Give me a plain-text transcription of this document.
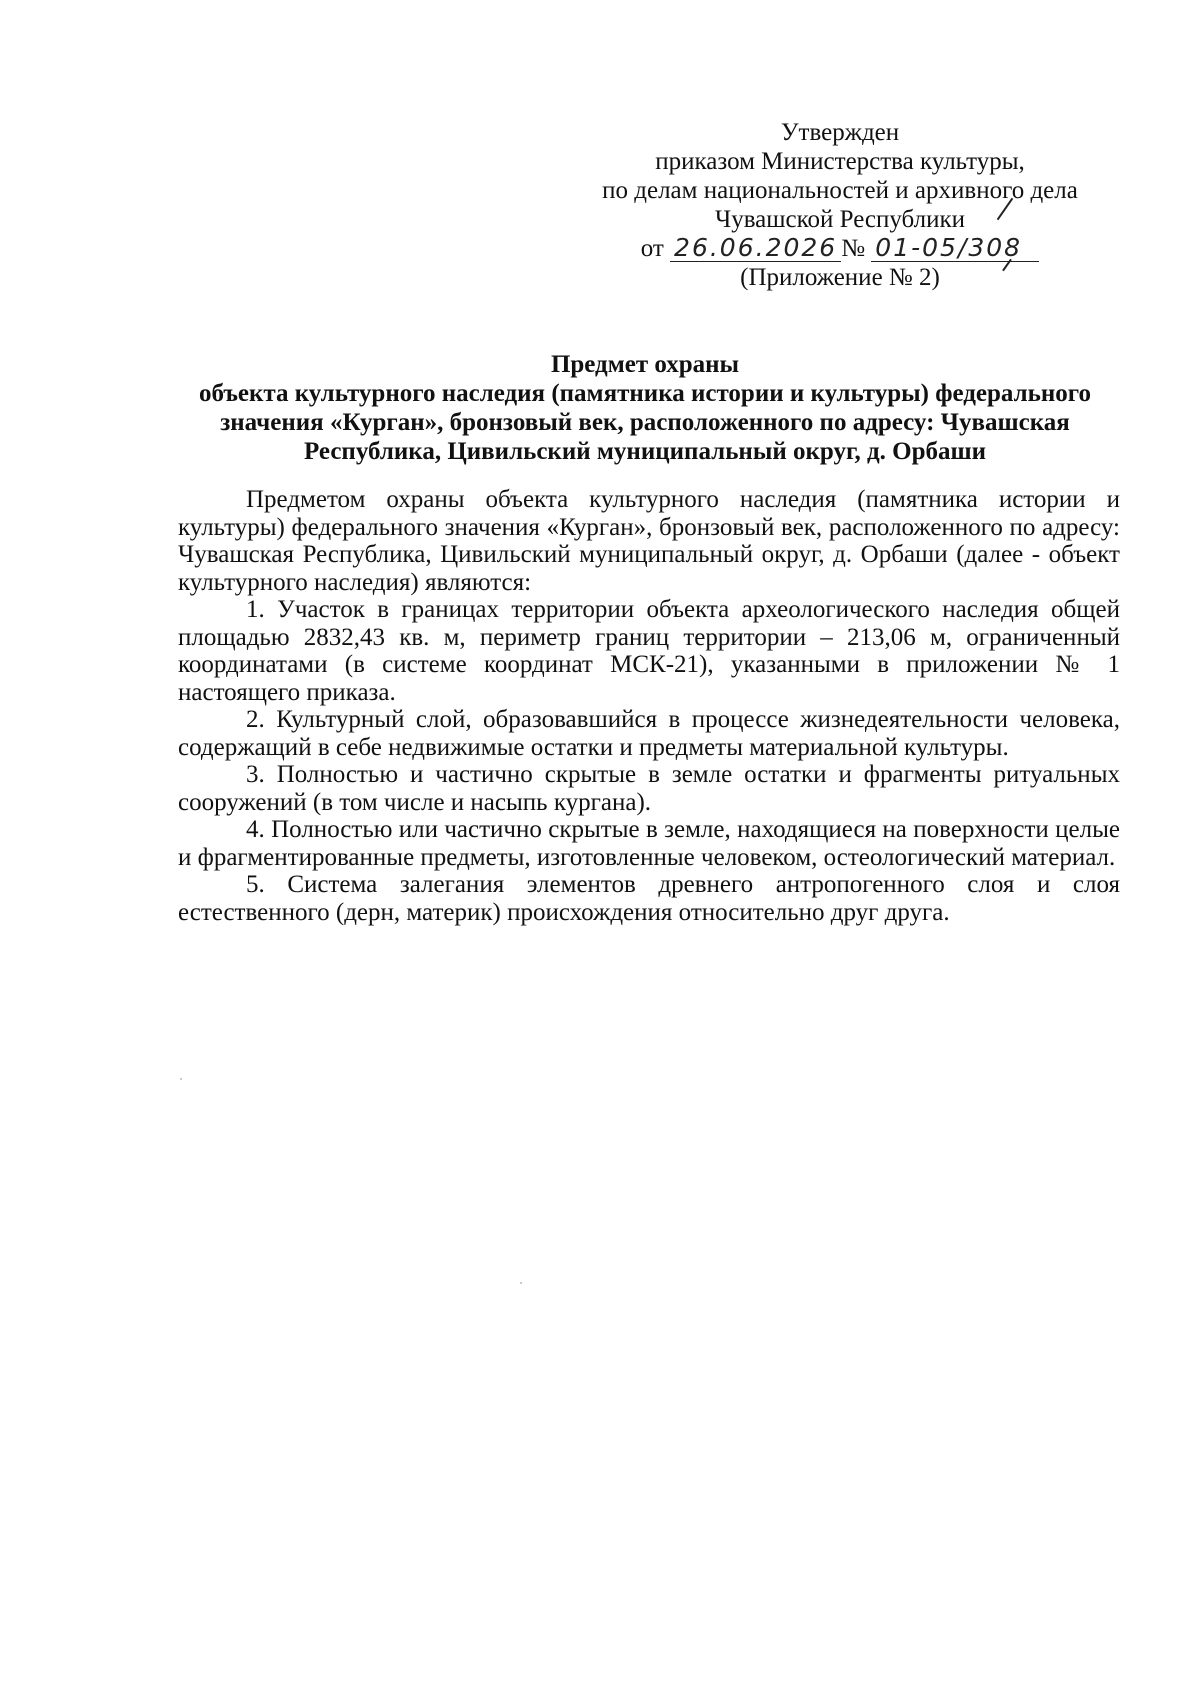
Утвержден
приказом Министерства культуры,
по делам национальностей и архивного дела
Чувашской Республики
от 26.06.2026 № 01-05/308
(Приложение № 2)
Предмет охраны
объекта культурного наследия (памятника истории и культуры) федерального значения «Курган», бронзовый век, расположенного по адресу: Чувашская Республика, Цивильский муниципальный округ, д. Орбаши

Предметом охраны объекта культурного наследия (памятника истории и культуры) федерального значения «Курган», бронзовый век, расположенного по адресу: Чувашская Республика, Цивильский муниципальный округ, д. Орбаши (далее - объект культурного наследия) являются:

1. Участок в границах территории объекта археологического наследия общей площадью 2832,43 кв. м, периметр границ территории – 213,06 м, ограниченный координатами (в системе координат МСК-21), указанными в приложении № 1 настоящего приказа.

2. Культурный слой, образовавшийся в процессе жизнедеятельности человека, содержащий в себе недвижимые остатки и предметы материальной культуры.

3. Полностью и частично скрытые в земле остатки и фрагменты ритуальных сооружений (в том числе и насыпь кургана).

4. Полностью или частично скрытые в земле, находящиеся на поверхности целые и фрагментированные предметы, изготовленные человеком, остеологический материал.

5. Система залегания элементов древнего антропогенного слоя и слоя естественного (дерн, материк) происхождения относительно друг друга.
